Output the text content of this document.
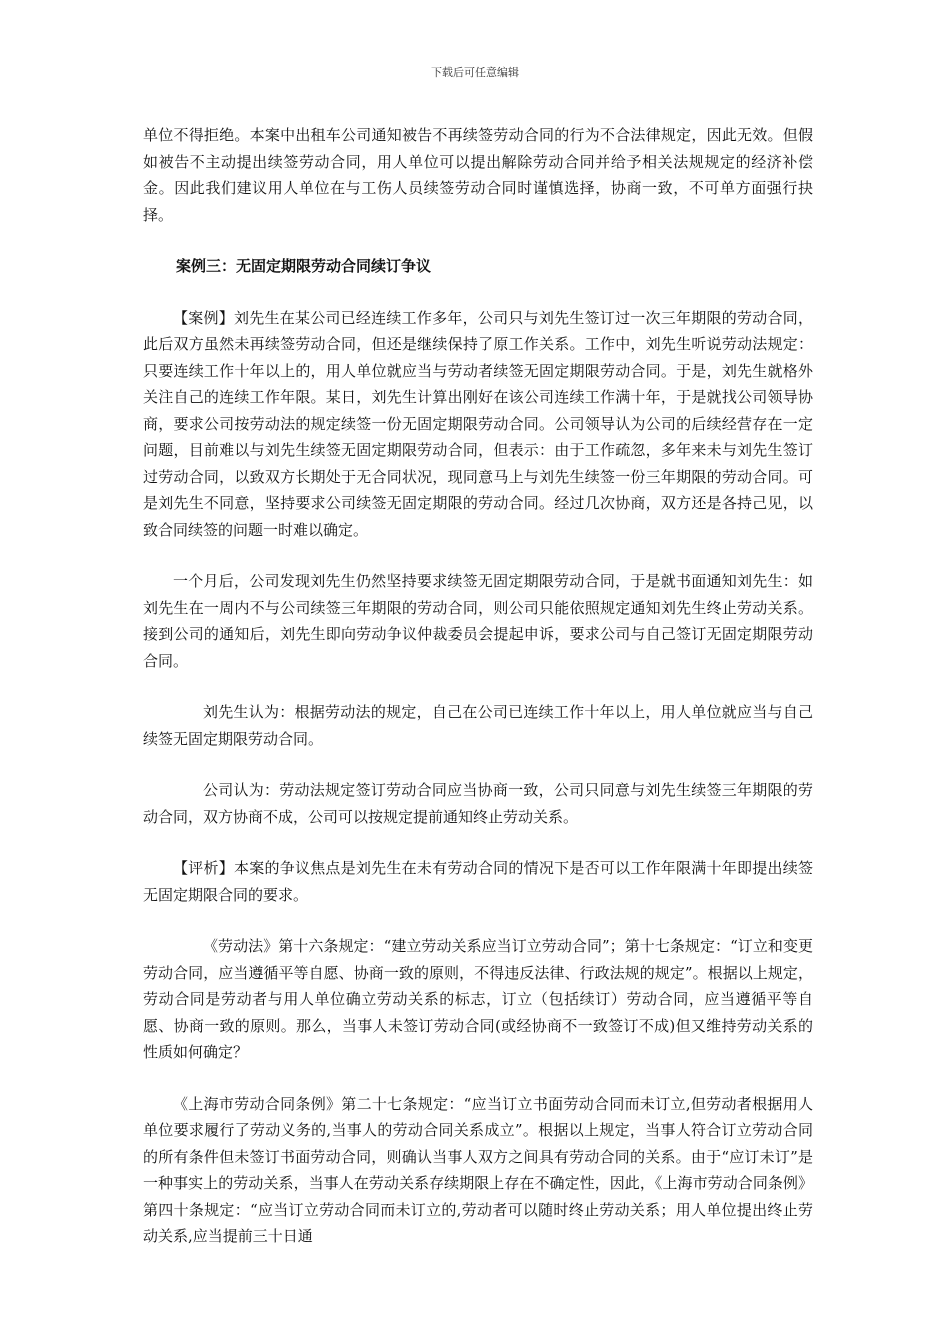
下载后可任意编辑

单位不得拒绝。本案中出租车公司通知被告不再续签劳动合同的行为不合法律规定，因此无效。但假如被告不主动提出续签劳动合同，用人单位可以提出解除劳动合同并给予相关法规规定的经济补偿金。因此我们建议用人单位在与工伤人员续签劳动合同时谨慎选择，协商一致，不可单方面强行抉择。

案例三：无固定期限劳动合同续订争议

【案例】刘先生在某公司已经连续工作多年，公司只与刘先生签订过一次三年期限的劳动合同，此后双方虽然未再续签劳动合同，但还是继续保持了原工作关系。工作中，刘先生听说劳动法规定：只要连续工作十年以上的，用人单位就应当与劳动者续签无固定期限劳动合同。于是，刘先生就格外关注自己的连续工作年限。某日，刘先生计算出刚好在该公司连续工作满十年，于是就找公司领导协商，要求公司按劳动法的规定续签一份无固定期限劳动合同。公司领导认为公司的后续经营存在一定问题，目前难以与刘先生续签无固定期限劳动合同，但表示：由于工作疏忽，多年来未与刘先生签订过劳动合同，以致双方长期处于无合同状况，现同意马上与刘先生续签一份三年期限的劳动合同。可是刘先生不同意，坚持要求公司续签无固定期限的劳动合同。经过几次协商，双方还是各持己见，以致合同续签的问题一时难以确定。

一个月后，公司发现刘先生仍然坚持要求续签无固定期限劳动合同，于是就书面通知刘先生：如刘先生在一周内不与公司续签三年期限的劳动合同，则公司只能依照规定通知刘先生终止劳动关系。接到公司的通知后，刘先生即向劳动争议仲裁委员会提起申诉，要求公司与自己签订无固定期限劳动合同。

刘先生认为：根据劳动法的规定，自己在公司已连续工作十年以上，用人单位就应当与自己续签无固定期限劳动合同。

公司认为：劳动法规定签订劳动合同应当协商一致，公司只同意与刘先生续签三年期限的劳动合同，双方协商不成，公司可以按规定提前通知终止劳动关系。

【评析】本案的争议焦点是刘先生在未有劳动合同的情况下是否可以工作年限满十年即提出续签无固定期限合同的要求。

《劳动法》第十六条规定：“建立劳动关系应当订立劳动合同”；第十七条规定：“订立和变更劳动合同，应当遵循平等自愿、协商一致的原则，不得违反法律、行政法规的规定”。根据以上规定，劳动合同是劳动者与用人单位确立劳动关系的标志，订立（包括续订）劳动合同，应当遵循平等自愿、协商一致的原则。那么，当事人未签订劳动合同(或经协商不一致签订不成)但又维持劳动关系的性质如何确定？

《上海市劳动合同条例》第二十七条规定：“应当订立书面劳动合同而未订立,但劳动者根据用人单位要求履行了劳动义务的,当事人的劳动合同关系成立”。根据以上规定，当事人符合订立劳动合同的所有条件但未签订书面劳动合同，则确认当事人双方之间具有劳动合同的关系。由于“应订未订”是一种事实上的劳动关系，当事人在劳动关系存续期限上存在不确定性，因此，《上海市劳动合同条例》第四十条规定：“应当订立劳动合同而未订立的,劳动者可以随时终止劳动关系；用人单位提出终止劳动关系,应当提前三十日通
